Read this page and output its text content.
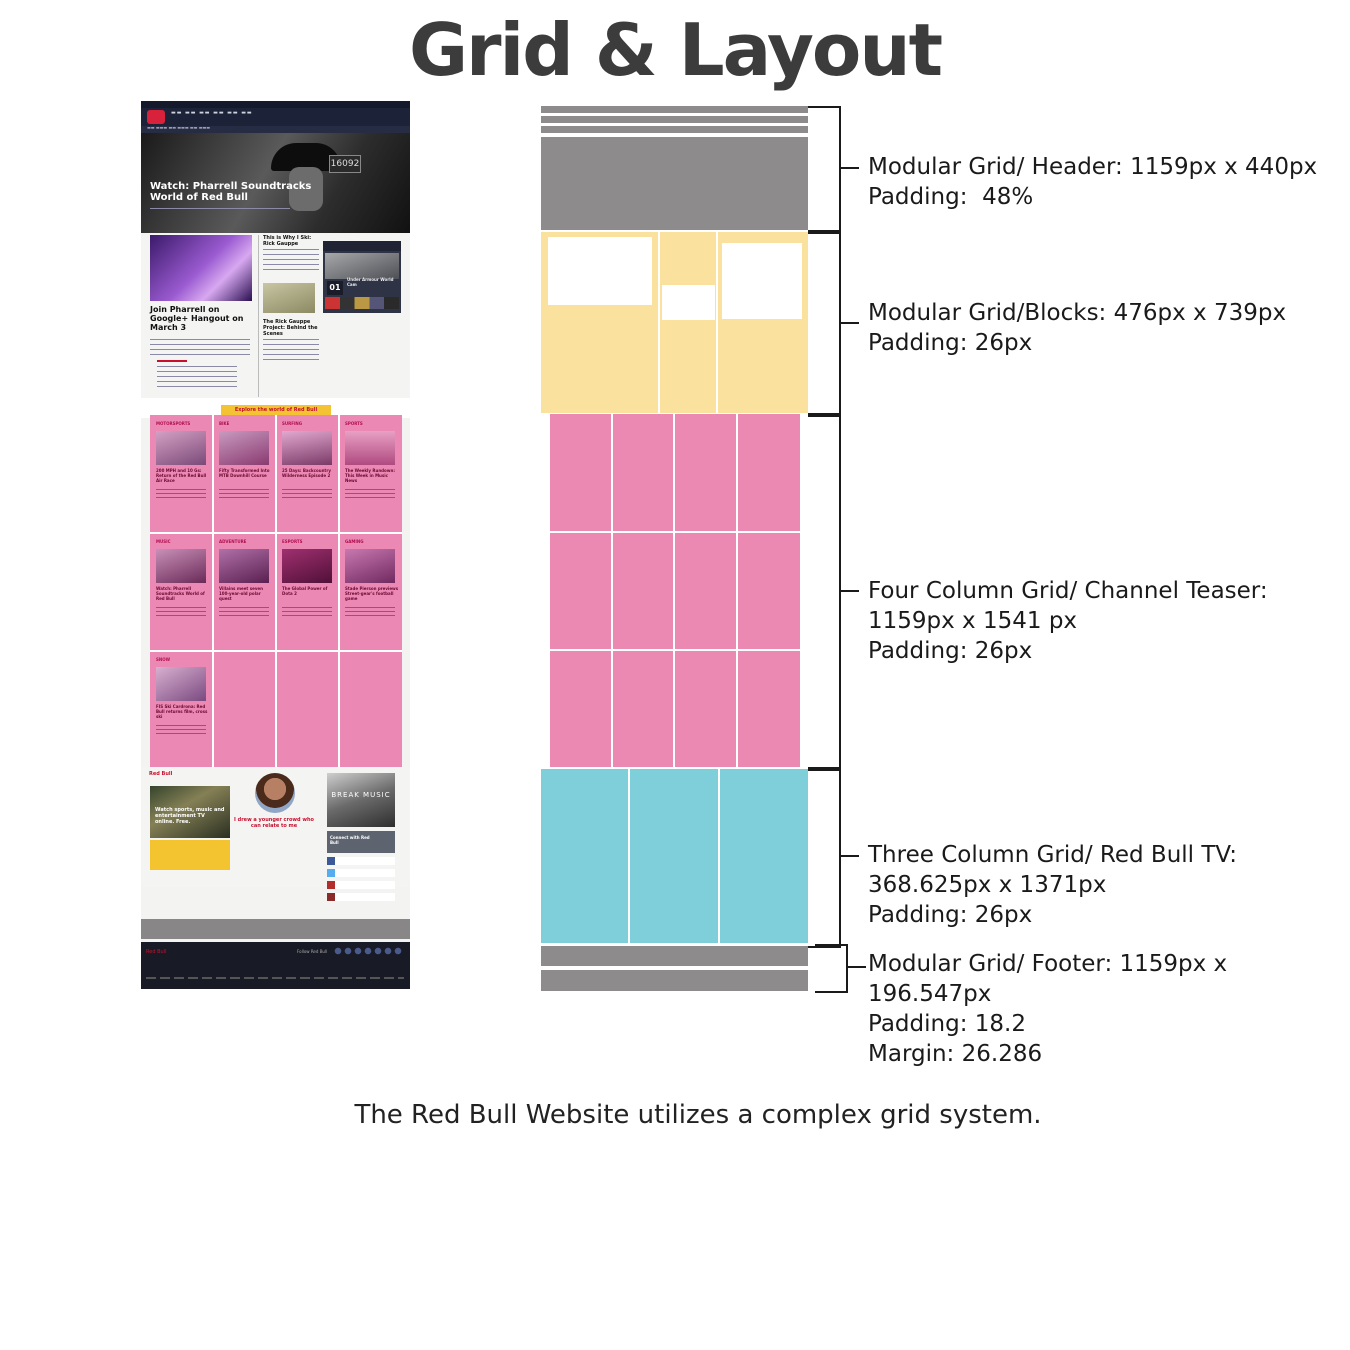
Grid & Layout
▬▬ ▬▬ ▬▬ ▬▬ ▬▬ ▬▬
▬▬ ▬▬▬ ▬▬ ▬▬▬ ▬▬ ▬▬▬
16092
Watch: Pharrell Soundtracks World of Red Bull
Join Pharrell on Google+ Hangout on March 3
This is Why I Ski: Rick Gauppe
The Rick Gauppe Project: Behind the Scenes
01
Under Armour World Cam
Explore the world of Red Bull
MOTORSPORTS
200 MPH and 10 Gs: Return of the Red Bull Air Race
BIKE
Fifty Transformed Into MTB Downhill Course
SURFING
25 Days: Backcountry Wilderness Episode 2
SPORTS
The Weekly Rundown: This Week in Music News
MUSIC
Watch: Pharrell Soundtracks World of Red Bull
ADVENTURE
Villains meet seven 100-year-old polar quest
ESPORTS
The Global Power of Dota 2
GAMING
Stade Pierson previews Street-gear's football game
SNOW
FIS Ski Cardrona: Red Bull returns film, cross ski
Red Bull
Watch sports, music and entertainment TV online. Free.	I drew a younger crowd who can relate to me
BREAK MUSIC
Connect with Red Bull
Red Bull	Follow Red Bull
Modular Grid/ Header: 1159px x 440px
Padding:  48%
Modular Grid/Blocks: 476px x 739px
Padding: 26px
Four Column Grid/ Channel Teaser:
1159px x 1541 px
Padding: 26px
Three Column Grid/ Red Bull TV:
368.625px x 1371px
Padding: 26px
Modular Grid/ Footer: 1159px x
196.547px
Padding: 18.2
Margin: 26.286
The Red Bull Website utilizes a complex grid system.
